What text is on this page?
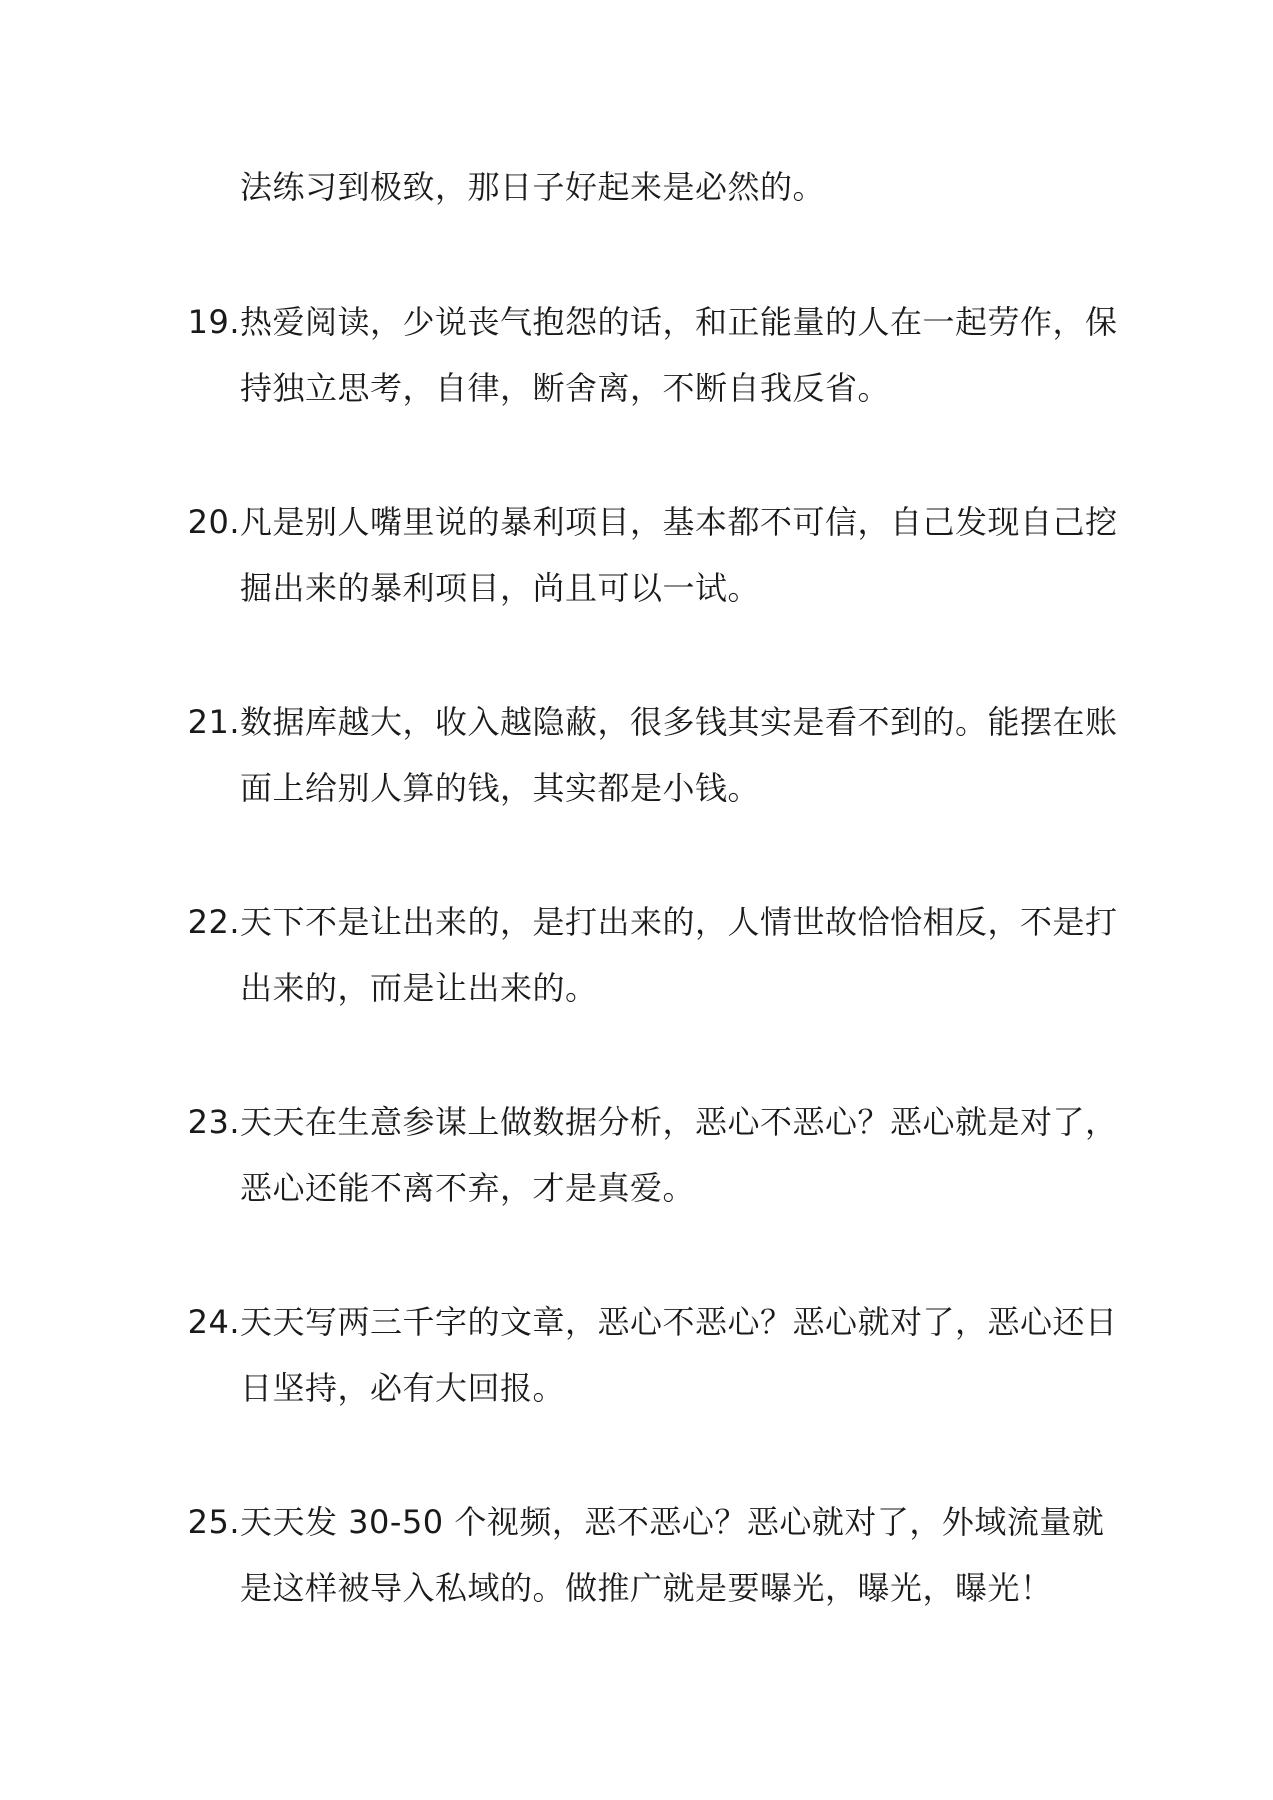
法练习到极致，那日子好起来是必然的。
19. 热爱阅读，少说丧气抱怨的话，和正能量的人在一起劳作，保
持独立思考，自律，断舍离，不断自我反省。
20. 凡是别人嘴里说的暴利项目，基本都不可信，自己发现自己挖
掘出来的暴利项目，尚且可以一试。
21. 数据库越大，收入越隐蔽，很多钱其实是看不到的。能摆在账
面上给别人算的钱，其实都是小钱。
22. 天下不是让出来的，是打出来的，人情世故恰恰相反，不是打
出来的，而是让出来的。
23. 天天在生意参谋上做数据分析，恶心不恶心？恶心就是对了，
恶心还能不离不弃，才是真爱。
24. 天天写两三千字的文章，恶心不恶心？恶心就对了，恶心还日
日坚持，必有大回报。
25. 天天发 30-50 个视频，恶不恶心？恶心就对了，外域流量就
是这样被导入私域的。做推广就是要曝光，曝光，曝光！
